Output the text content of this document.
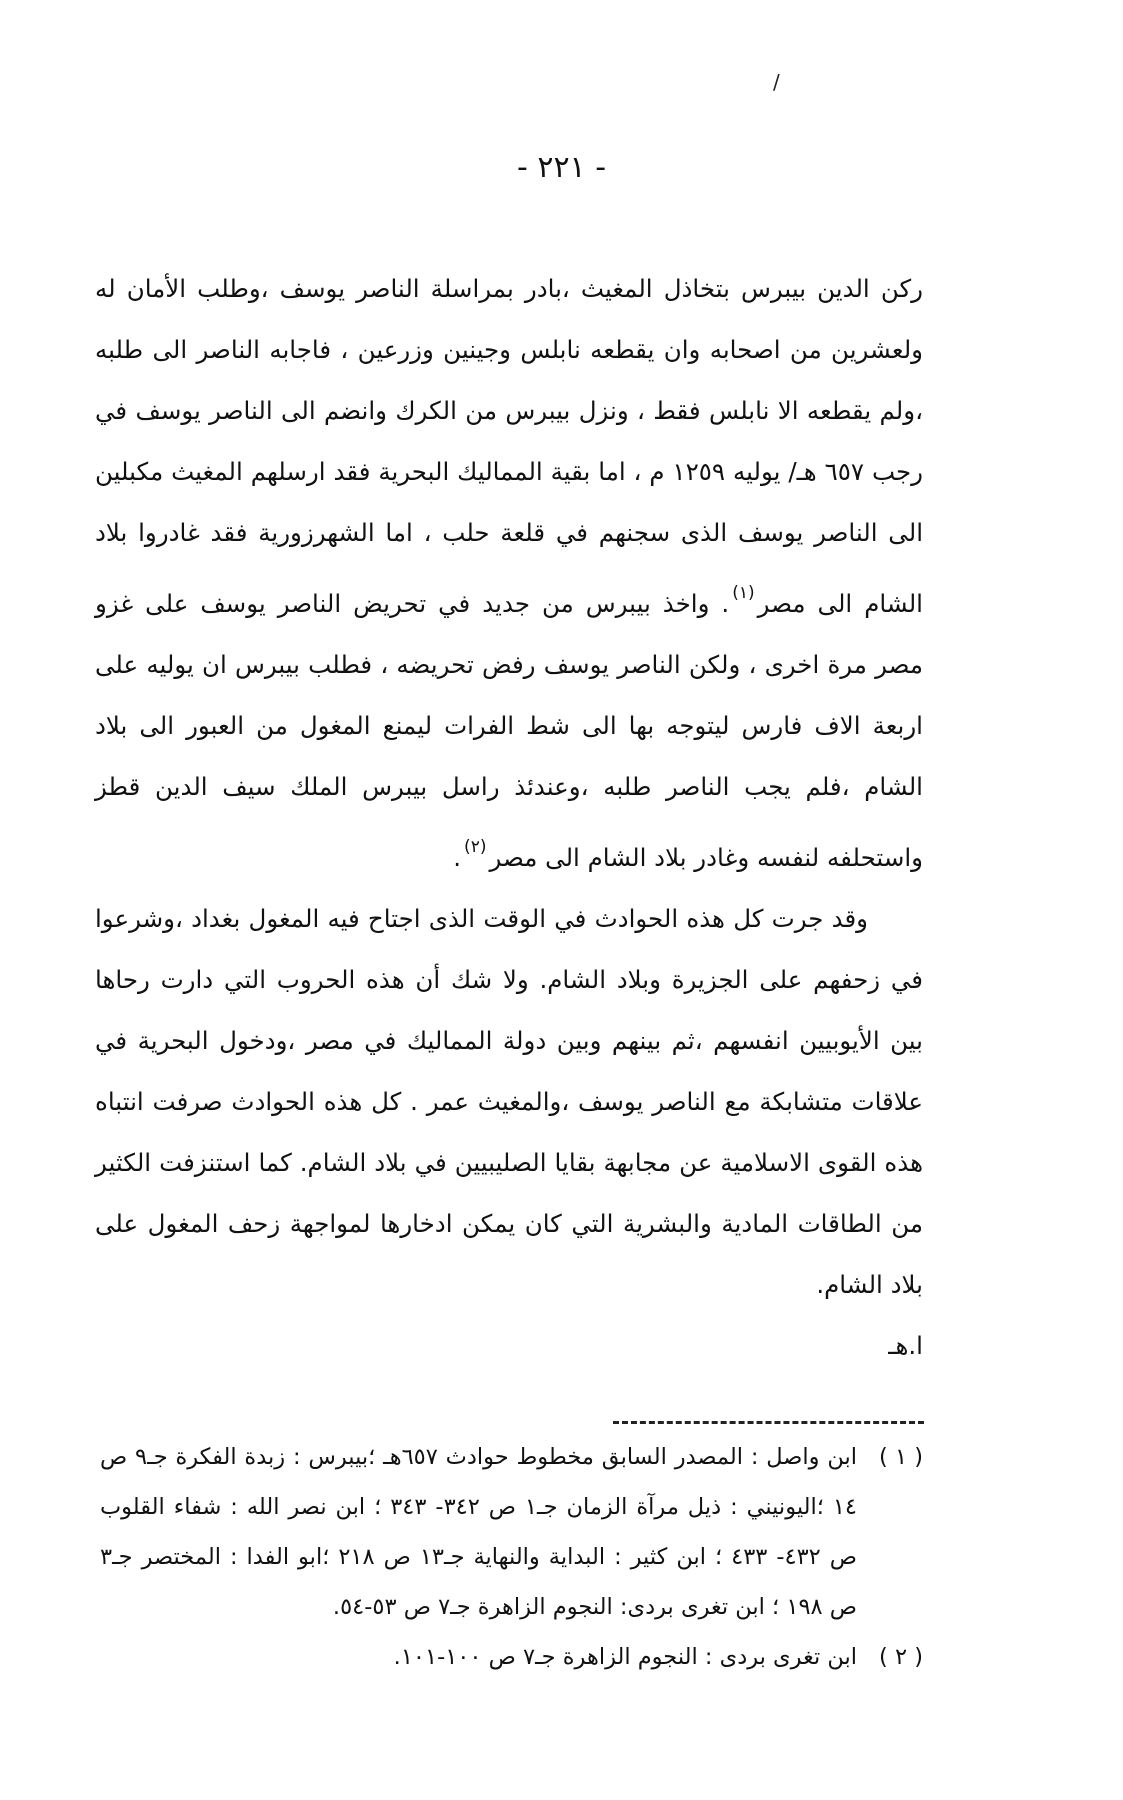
/
- ٢٢١ -

ركن الدين بيبرس بتخاذل المغيث ،بادر بمراسلة الناصر يوسف ،وطلب الأمان له ولعشرين من اصحابه وان يقطعه نابلس وجينين وزرعين ، فاجابه الناصر الى طلبه ،ولم يقطعه الا نابلس فقط ، ونزل بيبرس من الكرك وانضم الى الناصر يوسف في رجب ٦٥٧ هـ/ يوليه ١٢٥٩ م ، اما بقية المماليك البحرية فقد ارسلهم المغيث مكبلين الى الناصر يوسف الذى سجنهم في قلعة حلب ، اما الشهرزورية فقد غادروا بلاد الشام الى مصر$^{(١)}$. واخذ بيبرس من جديد في تحريض الناصر يوسف على غزو مصر مرة اخرى ، ولكن الناصر يوسف رفض تحريضه ، فطلب بيبرس ان يوليه على اربعة الاف فارس ليتوجه بها الى شط الفرات ليمنع المغول من العبور الى بلاد الشام ،فلم يجب الناصر طلبه ،وعندئذ راسل بيبرس الملك سيف الدين قطز واستحلفه لنفسه وغادر بلاد الشام الى مصر$^{(٢)}$.

وقد جرت كل هذه الحوادث في الوقت الذى اجتاح فيه المغول بغداد ،وشرعوا في زحفهم على الجزيرة وبلاد الشام. ولا شك أن هذه الحروب التي دارت رحاها بين الأيوبيين انفسهم ،ثم بينهم وبين دولة المماليك في مصر ،ودخول البحرية في علاقات متشابكة مع الناصر يوسف ،والمغيث عمر . كل هذه الحوادث صرفت انتباه هذه القوى الاسلامية عن مجابهة بقايا الصليبيين في بلاد الشام. كما استنزفت الكثير من الطاقات المادية والبشرية التي كان يمكن ادخارها لمواجهة زحف المغول على بلاد الشام.

ا.هـ

( ١ )
ابن واصل : المصدر السابق مخطوط حوادث ٦٥٧هـ ؛بيبرس : زبدة الفكرة جـ٩ ص ١٤ ؛اليونيني : ذيل مرآة الزمان جـ١ ص ٣٤٢- ٣٤٣ ؛ ابن نصر الله : شفاء القلوب ص ٤٣٢- ٤٣٣ ؛ ابن كثير : البداية والنهاية جـ١٣ ص ٢١٨ ؛ابو الفدا : المختصر جـ٣ ص ١٩٨ ؛ ابن تغرى بردى: النجوم الزاهرة جـ٧ ص ٥٣-٥٤.
( ٢ )
ابن تغرى بردى : النجوم الزاهرة جـ٧ ص ١٠٠-١٠١.
